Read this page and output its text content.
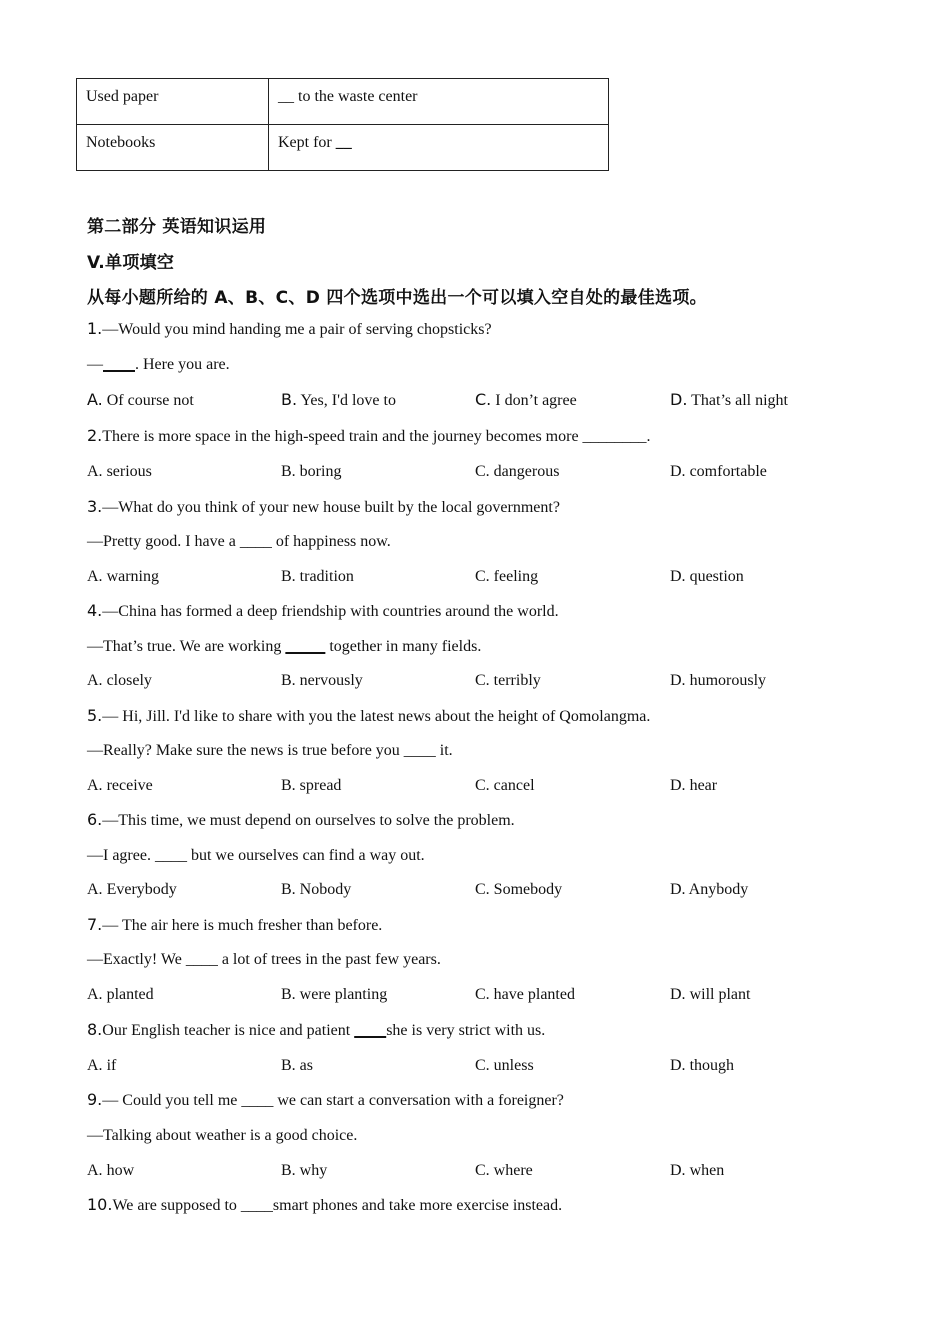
Used paper	__ to the waste center
Notebooks	Kept for __
第二部分 英语知识运用
V.单项填空
从每小题所给的 A、B、C、D 四个选项中选出一个可以填入空自处的最佳选项。
1.—Would you mind handing me a pair of serving chopsticks?
— . Here you are.
A. Of course not	B. Yes, I'd love to	C. I don’t agree	D. That’s all night
2.There is more space in the high-speed train and the journey becomes more ________.
A. serious	B. boring	C. dangerous	D. comfortable
3.—What do you think of your new house built by the local government?
—Pretty good. I have a ____ of happiness now.
A. warning	B. tradition	C. feeling	D. question
4.—China has formed a deep friendship with countries around the world.
—That’s true. We are working	together in many fields.
A. closely	B. nervously	C. terribly	D. humorously
5.— Hi, Jill. I'd like to share with you the latest news about the height of Qomolangma.
—Really? Make sure the news is true before you ____ it.
A. receive	B. spread	C. cancel	D. hear
6.—This time, we must depend on ourselves to solve the problem.
—I agree. ____ but we ourselves can find a way out.
A. Everybody	B. Nobody	C. Somebody	D. Anybody
7.— The air here is much fresher than before.
—Exactly! We ____ a lot of trees in the past few years.
A. planted	B. were planting	C. have planted	D. will plant
8.Our English teacher is nice and patient she is very strict with us.
A. if	B. as	C. unless	D. though
9.— Could you tell me ____ we can start a conversation with a foreigner?
—Talking about weather is a good choice.
A. how	B. why	C. where	D. when
10.We are supposed to ____smart phones and take more exercise instead.
